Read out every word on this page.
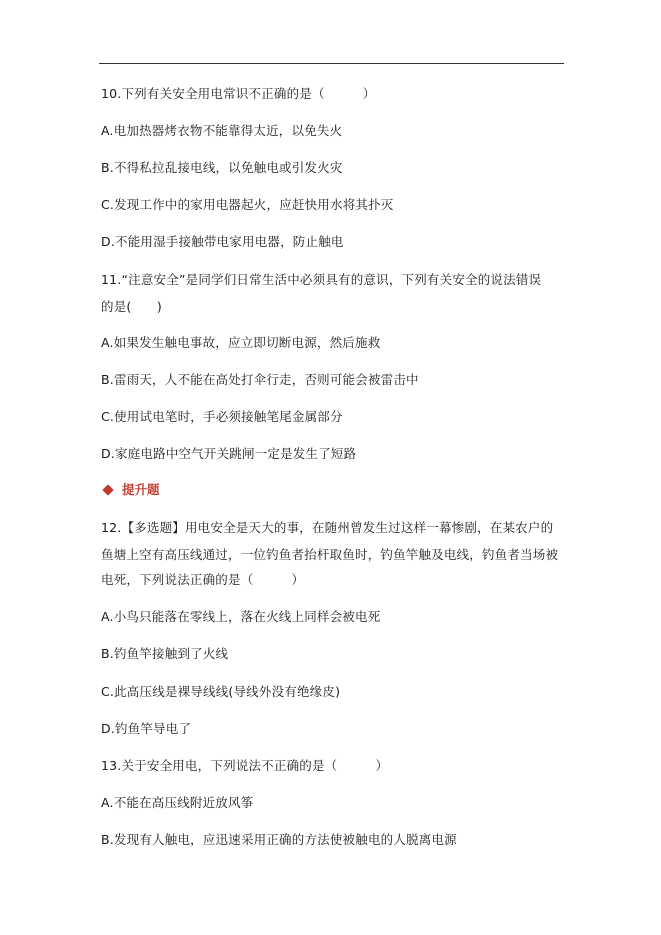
10.下列有关安全用电常识不正确的是（　　　）
A.电加热器烤衣物不能靠得太近，以免失火
B.不得私拉乱接电线，以免触电或引发火灾
C.发现工作中的家用电器起火，应赶快用水将其扑灭
D.不能用湿手接触带电家用电器，防止触电
11.“注意安全”是同学们日常生活中必须具有的意识，下列有关安全的说法错误
的是(　　)
A.如果发生触电事故，应立即切断电源，然后施救
B.雷雨天，人不能在高处打伞行走，否则可能会被雷击中
C.使用试电笔时，手必须接触笔尾金属部分
D.家庭电路中空气开关跳闸一定是发生了短路
提升题
12.【多选题】用电安全是天大的事，在随州曾发生过这样一幕惨剧，在某农户的
鱼塘上空有高压线通过，一位钓鱼者抬杆取鱼时，钓鱼竿触及电线，钓鱼者当场被
电死，下列说法正确的是（　　　）
A.小鸟只能落在零线上，落在火线上同样会被电死
B.钓鱼竿接触到了火线
C.此高压线是裸导线线(导线外没有绝缘皮)
D.钓鱼竿导电了
13.关于安全用电，下列说法不正确的是（　　　）
A.不能在高压线附近放风筝
B.发现有人触电，应迅速采用正确的方法使被触电的人脱离电源
